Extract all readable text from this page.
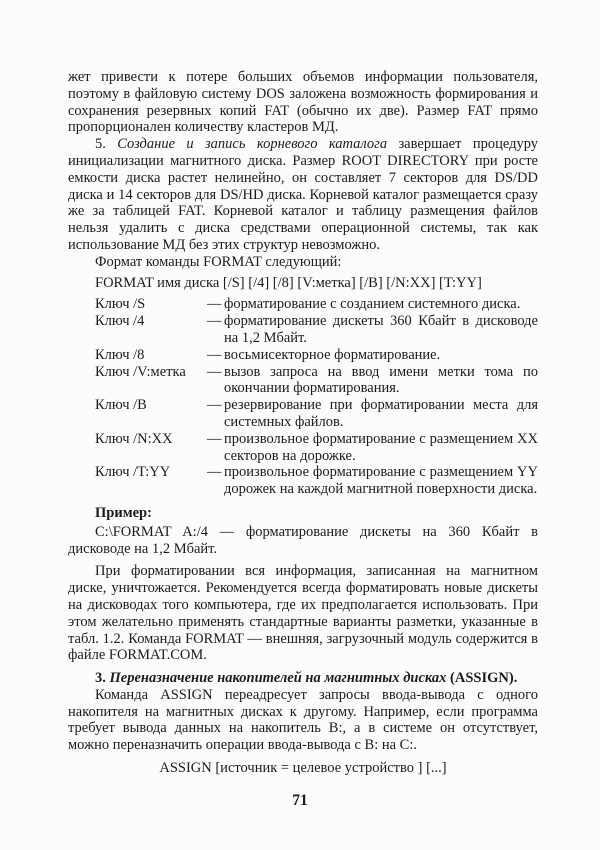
жет привести к потере больших объемов информации пользователя, поэтому в файловую систему DOS заложена возможность формирования и сохранения резервных копий FAT (обычно их две). Размер FAT прямо пропорционален количеству кластеров МД.

5. Создание и запись корневого каталога завершает процедуру инициализации магнитного диска. Размер ROOT DIRECTORY при росте емкости диска растет нелинейно, он составляет 7 секторов для DS/DD диска и 14 секторов для DS/HD диска. Корневой каталог размещается сразу же за таблицей FAT. Корневой каталог и таблицу размещения файлов нельзя удалить с диска средствами операционной системы, так как использование МД без этих структур невозможно.

Формат команды FORMAT следующий:

FORMAT имя диска [/S] [/4] [/8] [V:метка] [/B] [/N:XX] [T:YY]

Ключ /S	— форматирование с созданием системного диска.
Ключ /4	— форматирование дискеты 360 Кбайт в дисководе на 1,2 Мбайт.
Ключ /8	— восьмисекторное форматирование.
Ключ /V:метка	— вызов запроса на ввод имени метки тома по окончании форматирования.
Ключ /B	— резервирование при форматировании места для системных файлов.
Ключ /N:XX	— произвольное форматирование с размещением XX секторов на дорожке.
Ключ /T:YY	— произвольное форматирование с размещением YY дорожек на каждой магнитной поверхности диска.

Пример:

C:\FORMAT A:/4 — форматирование дискеты на 360 Кбайт в дисководе на 1,2 Мбайт.

При форматировании вся информация, записанная на магнитном диске, уничтожается. Рекомендуется всегда форматировать новые дискеты на дисководах того компьютера, где их предполагается использовать. При этом желательно применять стандартные варианты разметки, указанные в табл. 1.2. Команда FORMAT — внешняя, загрузочный модуль содержится в файле FORMAT.COM.

3. Переназначение накопителей на магнитных дисках (ASSIGN).

Команда ASSIGN переадресует запросы ввода-вывода с одного накопителя на магнитных дисках к другому. Например, если программа требует вывода данных на накопитель B:, а в системе он отсутствует, можно переназначить операции ввода-вывода с B: на C:.

ASSIGN [источник = целевое устройство ] [...]

71
